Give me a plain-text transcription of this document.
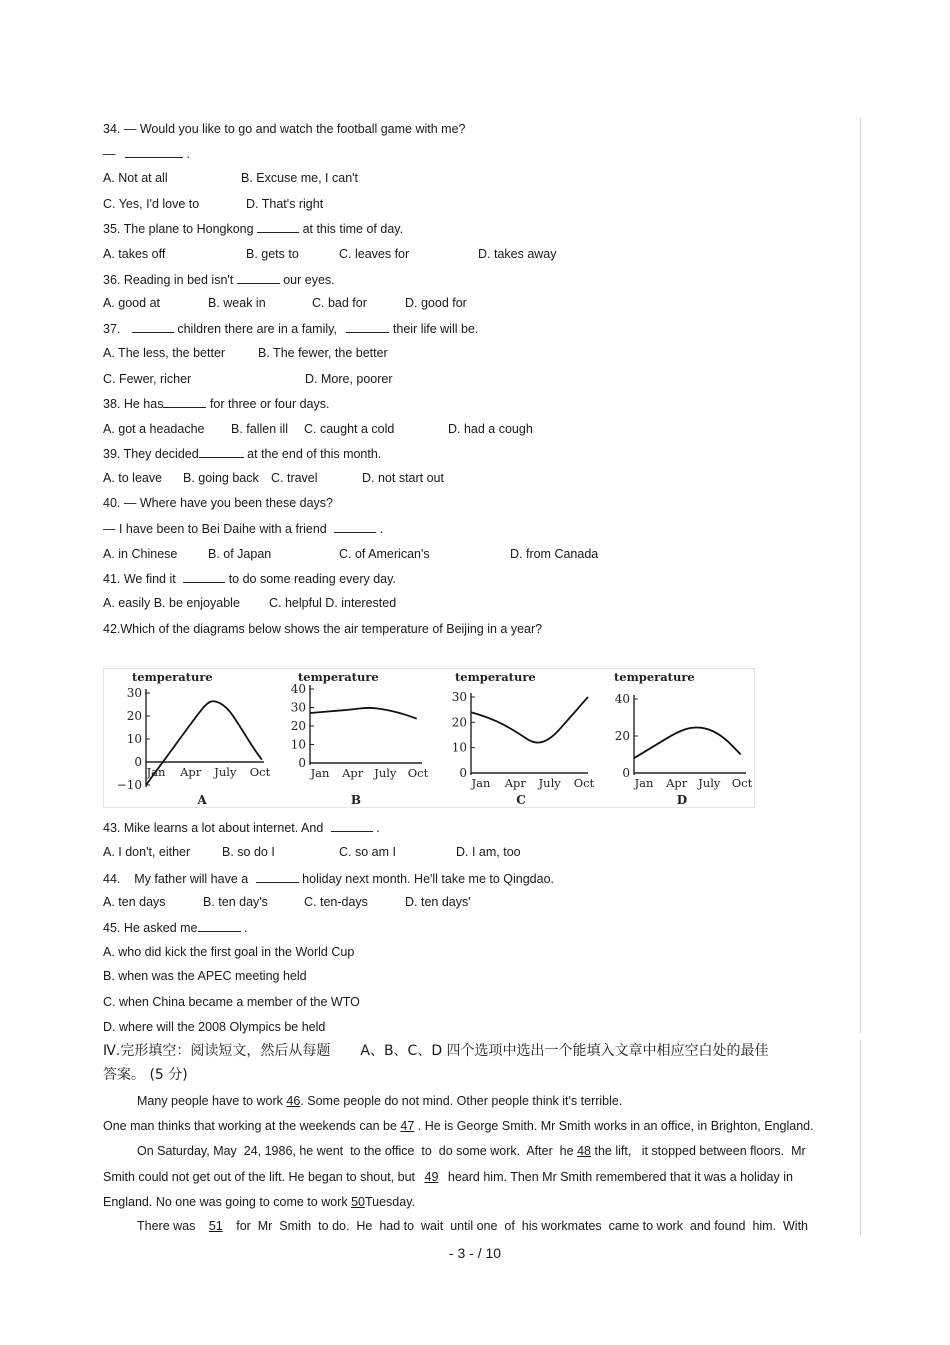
34. — Would you like to go and watch the football game with me?
—	.
A. Not at all	B. Excuse me, I can't
C. Yes, I'd love to	D. That's right
35. The plane to Hongkong	at this time of day.
A. takes off	B. gets to	C. leaves for	D. takes away
36. Reading in bed isn't	our eyes.
A. good at	B. weak in	C. bad for	D. good for
37.	children there are in a family,	their life will be.
A. The less, the better	B. The fewer, the better
C. Fewer, richer	D. More, poorer
38. He has	for three or four days.
A. got a headache B. fallen ill C. caught a cold	D. had a cough
39. They decided	at the end of this month.
A. to leave B. going back C. travel	D. not start out
40. — Where have you been these days?
— I have been to Bei Daihe with a friend	.
A. in Chinese B. of Japan	C. of American's	D. from Canada
41. We find it	to do some reading every day.
A. easily B. be enjoyable C. helpful D. interested
42.Which of the diagrams below shows the air temperature of Beijing in a year?
temperature
30
20
10
0
−10
Jan Apr July Oct
A
temperature
40
30
20
10
0
Jan Apr July Oct
B
temperature
30
20
10
0
Jan Apr July Oct
C
temperature
40
20
0
Jan Apr July Oct
D
43. Mike learns a lot about internet. And	.
A. I don't, either	B. so do I	C. so am I	D. I am, too
44.    My father will have a	holiday next month. He'll take me to Qingdao.
A. ten days	B. ten day's	C. ten-days	D. ten days'
45. He asked me	.
A. who did kick the first goal in the World Cup
B. when was the APEC meeting held
C. when China became a member of the WTO
D. where will the 2008 Olympics be held
Ⅳ.完形填空：阅读短文，然后从每题 A、B、C、D 四个选项中选出一个能填入文章中相应空白处的最佳
答案。 (5 分)
Many people have to work 46. Some people do not mind. Other people think it's terrible.
One man thinks that working at the weekends can be 47 . He is George Smith. Mr Smith works in an office, in Brighton, England.
On Saturday, May  24, 1986, he went  to the office  to  do some work.  After  he 48 the lift,   it stopped between floors.  Mr
Smith could not get out of the lift. He began to shout, but 49 heard him. Then Mr Smith remembered that it was a holiday in
England. No one was going to come to work 50Tuesday.
There was 51 for  Mr  Smith  to do.  He  had to  wait  until one  of  his workmates  came to work  and found  him.  With
- 3 - / 10
